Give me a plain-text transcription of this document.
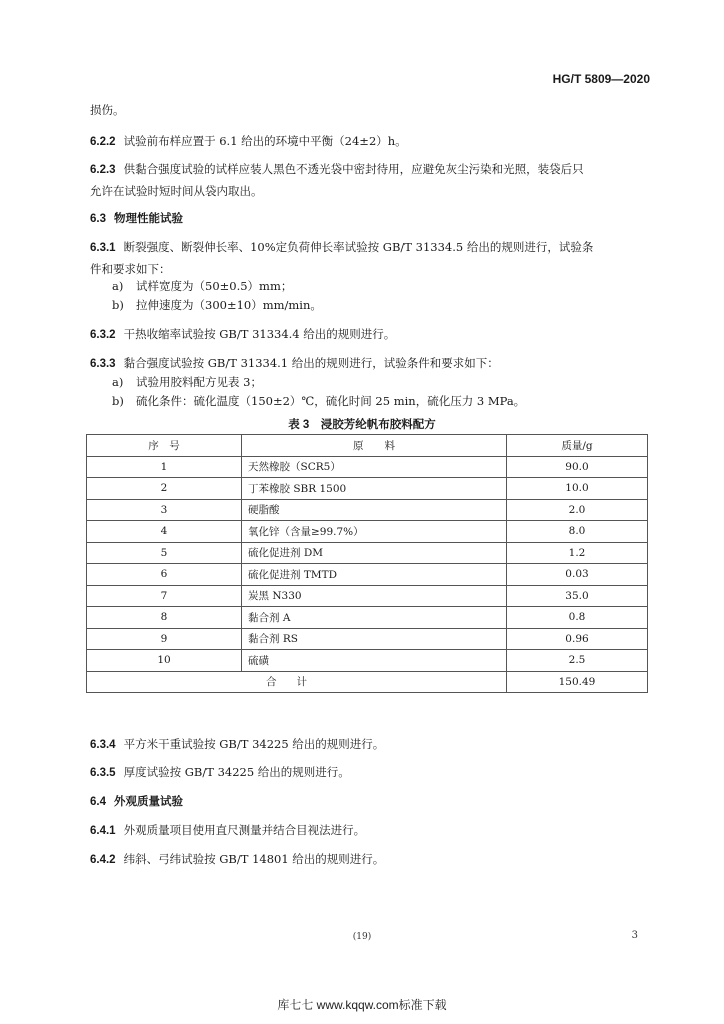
HG/T 5809—2020
损伤。
6.2.2 试验前布样应置于 6.1 给出的环境中平衡（24±2）h。
6.2.3 供黏合强度试验的试样应装人黑色不透光袋中密封待用，应避免灰尘污染和光照，装袋后只
允许在试验时短时间从袋内取出。
6.3 物理性能试验
6.3.1 断裂强度、断裂伸长率、10%定负荷伸长率试验按 GB/T 31334.5 给出的规则进行，试验条
件和要求如下：
a) 试样宽度为（50±0.5）mm；
b) 拉伸速度为（300±10）mm/min。
6.3.2 干热收缩率试验按 GB/T 31334.4 给出的规则进行。
6.3.3 黏合强度试验按 GB/T 31334.1 给出的规则进行，试验条件和要求如下：
a) 试验用胶料配方见表 3；
b) 硫化条件：硫化温度（150±2）℃，硫化时间 25 min，硫化压力 3 MPa。
表 3　浸胶芳纶帆布胶料配方
序　号	原　　料	质量/g
1	天然橡胶（SCR5）	90.0
2	丁苯橡胶 SBR 1500	10.0
3	硬脂酸	2.0
4	氧化锌（含量≥99.7%）	8.0
5	硫化促进剂 DM	1.2
6	硫化促进剂 TMTD	0.03
7	炭黑 N330	35.0
8	黏合剂 A	0.8
9	黏合剂 RS	0.96
10	硫磺	2.5
合计		150.49
6.3.4 平方米干重试验按 GB/T 34225 给出的规则进行。
6.3.5 厚度试验按 GB/T 34225 给出的规则进行。
6.4 外观质量试验
6.4.1 外观质量项目使用直尺测量并结合目视法进行。
6.4.2 纬斜、弓纬试验按 GB/T 14801 给出的规则进行。
(19)	3
库七七 www.kqqw.com标准下载
